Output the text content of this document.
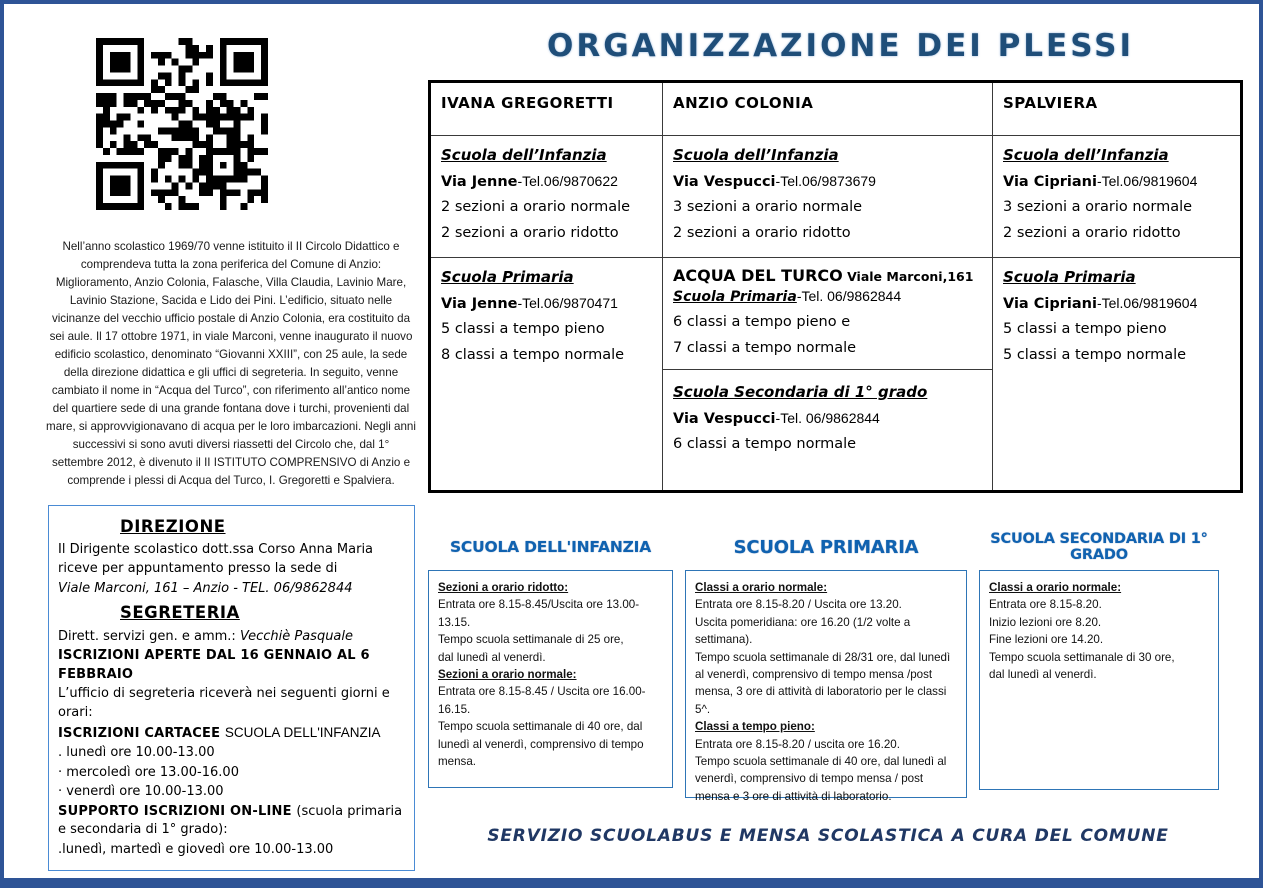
Nell’anno scolastico 1969/70 venne istituito il II Circolo Didattico e comprendeva tutta la zona periferica del Comune di Anzio: Miglioramento, Anzio Colonia, Falasche, Villa Claudia, Lavinio Mare, Lavinio Stazione, Sacida e Lido dei Pini. L’edificio, situato nelle vicinanze del vecchio ufficio postale di Anzio Colonia, era costituito da sei aule. Il 17 ottobre 1971, in viale Marconi, venne inaugurato il nuovo edificio scolastico, denominato “Giovanni XXIII”, con 25 aule, la sede della direzione didattica e gli uffici di segreteria. In seguito, venne cambiato il nome in “Acqua del Turco”, con riferimento all’antico nome del quartiere sede di una grande fontana dove i turchi, provenienti dal mare, si approvvigionavano di acqua per le loro imbarcazioni. Negli anni successivi si sono avuti diversi riassetti del Circolo che, dal 1° settembre 2012, è divenuto il II ISTITUTO COMPRENSIVO di Anzio e comprende i plessi di Acqua del Turco, I. Gregoretti e Spalviera.

DIREZIONE
Il Dirigente scolastico dott.ssa Corso Anna Maria
riceve per appuntamento presso la sede di
Viale Marconi, 161 – Anzio - TEL. 06/9862844
SEGRETERIA
Dirett. servizi gen. e amm.: Vecchiè Pasquale
ISCRIZIONI APERTE DAL 16 GENNAIO AL 6 FEBBRAIO
L’ufficio di segreteria riceverà nei seguenti giorni e orari:
ISCRIZIONI CARTACEE SCUOLA DELL'INFANZIA
. lunedì ore 10.00-13.00
· mercoledì ore 13.00-16.00
· venerdì ore 10.00-13.00
SUPPORTO ISCRIZIONI ON-LINE (scuola primaria e secondaria di 1° grado):
.lunedì, martedì e giovedì ore 10.00-13.00
ORGANIZZAZIONE DEI PLESSI
IVANA GREGORETTI	ANZIO COLONIA	SPALVIERA
Scuola dell’Infanzia
Via Jenne-Tel.06/9870622
2 sezioni a orario normale
2 sezioni a orario ridotto
Scuola dell’Infanzia
Via Vespucci-Tel.06/9873679
3 sezioni a orario normale
2 sezioni a orario ridotto
Scuola dell’Infanzia
Via Cipriani-Tel.06/9819604
3 sezioni a orario normale
2 sezioni a orario ridotto
Scuola Primaria
Via Jenne-Tel.06/9870471
5 classi a tempo pieno
8 classi a tempo normale
ACQUA DEL TURCO Viale Marconi,161
Scuola Primaria-Tel. 06/9862844
6 classi a tempo pieno e
7 classi a tempo normale
Scuola Secondaria di 1° grado
Via Vespucci-Tel. 06/9862844
6 classi a tempo normale
Scuola Primaria
Via Cipriani-Tel.06/9819604
5 classi a tempo pieno
5 classi a tempo normale
SCUOLA DELL'INFANZIA
Sezioni a orario ridotto:
Entrata ore 8.15-8.45/Uscita ore 13.00-13.15.
Tempo scuola settimanale di 25 ore,
dal lunedì al venerdì.
Sezioni a orario normale:
Entrata ore 8.15-8.45 / Uscita ore 16.00-16.15.
Tempo scuola settimanale di 40 ore, dal lunedì al venerdì, comprensivo di tempo mensa.
SCUOLA PRIMARIA
Classi a orario normale:
Entrata ore 8.15-8.20 / Uscita ore 13.20.
Uscita pomeridiana: ore 16.20 (1/2 volte a settimana).
Tempo scuola settimanale di 28/31 ore, dal lunedì al venerdì, comprensivo di tempo mensa /post mensa, 3 ore di attività di laboratorio per le classi 5^.
Classi a tempo pieno:
Entrata ore 8.15-8.20 / uscita ore 16.20.
Tempo scuola settimanale di 40 ore, dal lunedì al venerdì, comprensivo di tempo mensa / post mensa e 3 ore di attività di laboratorio.
SCUOLA SECONDARIA DI 1° GRADO
Classi a orario normale:
Entrata ore 8.15-8.20.
Inizio lezioni ore 8.20.
Fine lezioni ore 14.20.
Tempo scuola settimanale di 30 ore,
dal lunedì al venerdì.
SERVIZIO SCUOLABUS E MENSA SCOLASTICA A CURA DEL COMUNE
